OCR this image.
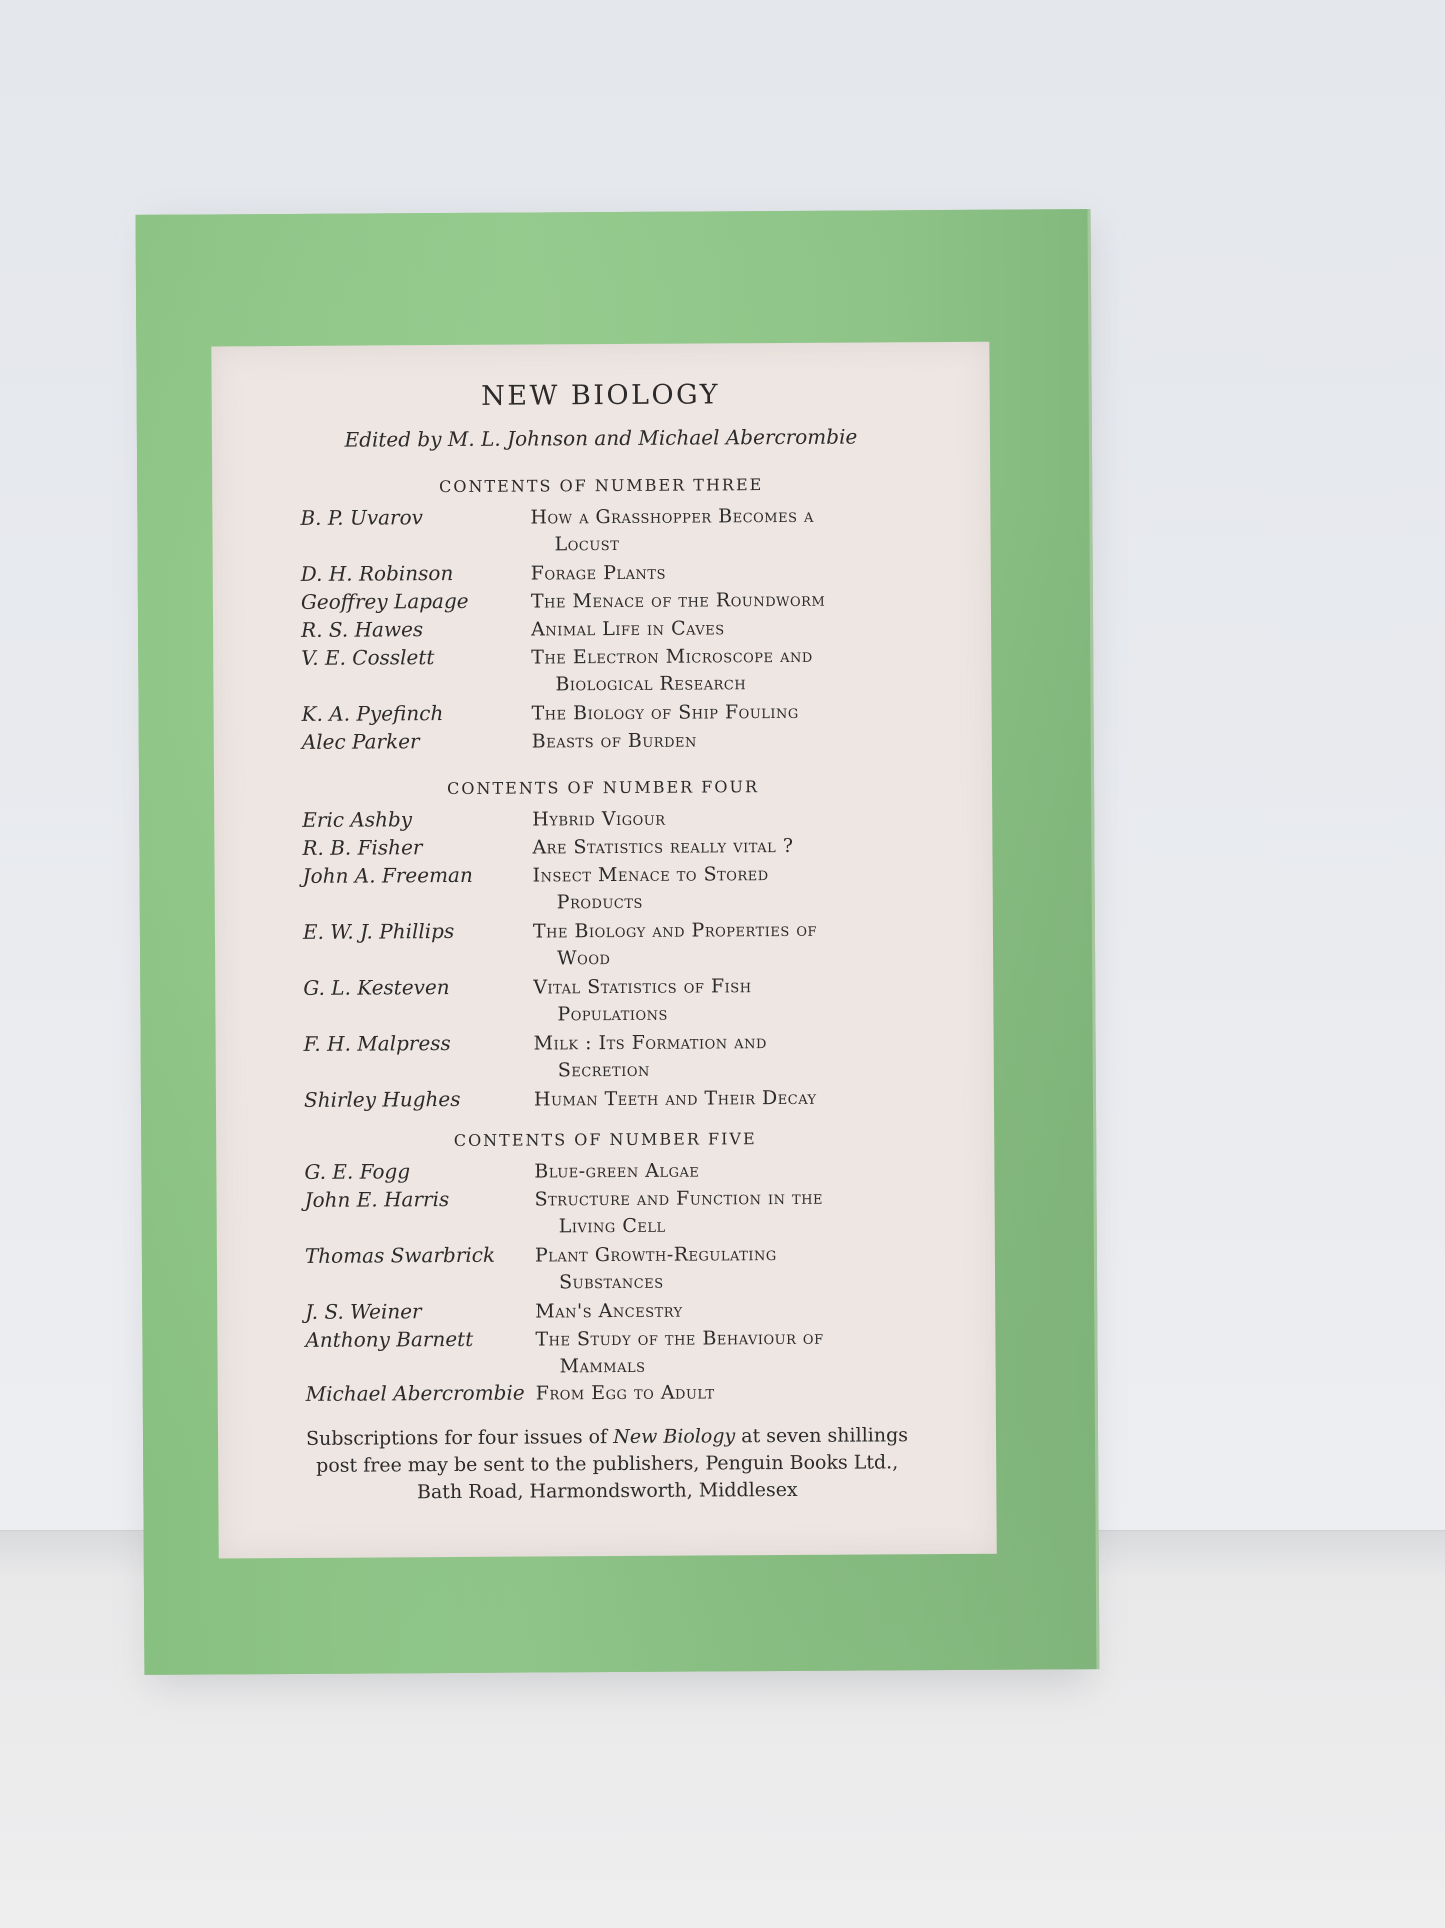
NEW BIOLOGY
Edited by M. L. Johnson and Michael Abercrombie
CONTENTS OF NUMBER THREE
B. P. Uvarov	How a Grasshopper Becomes a
Locust
D. H. Robinson	Forage Plants
Geoffrey Lapage	The Menace of the Roundworm
R. S. Hawes	Animal Life in Caves
V. E. Cosslett	The Electron Microscope and
Biological Research
K. A. Pyefinch	The Biology of Ship Fouling
Alec Parker	Beasts of Burden
CONTENTS OF NUMBER FOUR
Eric Ashby	Hybrid Vigour
R. B. Fisher	Are Statistics really vital ?
John A. Freeman	Insect Menace to Stored
Products
E. W. J. Phillips	The Biology and Properties of
Wood
G. L. Kesteven	Vital Statistics of Fish
Populations
F. H. Malpress	Milk : Its Formation and
Secretion
Shirley Hughes	Human Teeth and Their Decay
CONTENTS OF NUMBER FIVE
G. E. Fogg	Blue-green Algae
John E. Harris	Structure and Function in the
Living Cell
Thomas Swarbrick Plant Growth-Regulating
Substances
J. S. Weiner	Man's Ancestry
Anthony Barnett	The Study of the Behaviour of
Mammals
Michael Abercrombie From Egg to Adult
Subscriptions for four issues of New Biology at seven shillings
post free may be sent to the publishers, Penguin Books Ltd.,
Bath Road, Harmondsworth, Middlesex
